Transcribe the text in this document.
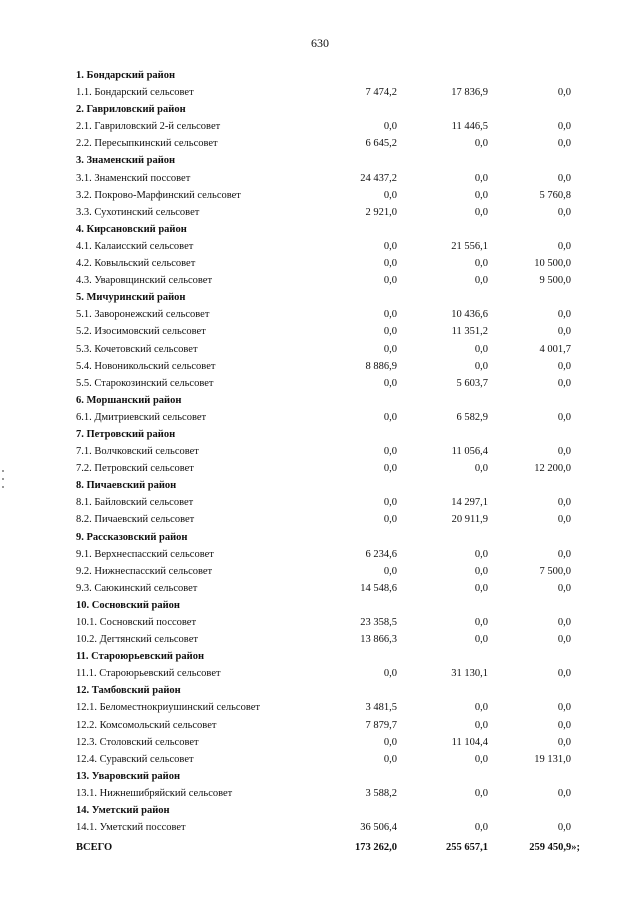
630
1. Бондарский район
1.1. Бондарский сельсовет	7 474,2	17 836,9	0,0
2. Гавриловский район
2.1. Гавриловский 2-й сельсовет	0,0	11 446,5	0,0
2.2. Пересыпкинский сельсовет	6 645,2	0,0	0,0
3. Знаменский район
3.1. Знаменский поссовет	24 437,2	0,0	0,0
3.2. Покрово-Марфинский сельсовет	0,0	0,0	5 760,8
3.3. Сухотинский сельсовет	2 921,0	0,0	0,0
4. Кирсановский район
4.1. Калаисский сельсовет	0,0	21 556,1	0,0
4.2. Ковыльский сельсовет	0,0	0,0	10 500,0
4.3. Уваровщинский сельсовет	0,0	0,0	9 500,0
5. Мичуринский район
5.1. Заворонежский сельсовет	0,0	10 436,6	0,0
5.2. Изосимовский сельсовет	0,0	11 351,2	0,0
5.3. Кочетовский сельсовет	0,0	0,0	4 001,7
5.4. Новоникольский сельсовет	8 886,9	0,0	0,0
5.5. Старокозинский сельсовет	0,0	5 603,7	0,0
6. Моршанский район
6.1. Дмитриевский сельсовет	0,0	6 582,9	0,0
7. Петровский район
7.1. Волчковский сельсовет	0,0	11 056,4	0,0
7.2. Петровский сельсовет	0,0	0,0	12 200,0
8. Пичаевский район
8.1. Байловский сельсовет	0,0	14 297,1	0,0
8.2. Пичаевский сельсовет	0,0	20 911,9	0,0
9. Рассказовский район
9.1. Верхнеспасский сельсовет	6 234,6	0,0	0,0
9.2. Нижнеспасский сельсовет	0,0	0,0	7 500,0
9.3. Саюкинский сельсовет	14 548,6	0,0	0,0
10. Сосновский район
10.1. Сосновский поссовет	23 358,5	0,0	0,0
10.2. Дегтянский сельсовет	13 866,3	0,0	0,0
11. Староюрьевский район
11.1. Староюрьевский сельсовет	0,0	31 130,1	0,0
12. Тамбовский район
12.1. Беломестнокриушинский сельсовет	3 481,5	0,0	0,0
12.2. Комсомольский сельсовет	7 879,7	0,0	0,0
12.3. Столовский сельсовет	0,0	11 104,4	0,0
12.4. Суравский сельсовет	0,0	0,0	19 131,0
13. Уваровский район
13.1. Нижнешибряйский сельсовет	3 588,2	0,0	0,0
14. Уметский район
14.1. Уметский поссовет	36 506,4	0,0	0,0
ВСЕГО	173 262,0	255 657,1	259 450,9»;
